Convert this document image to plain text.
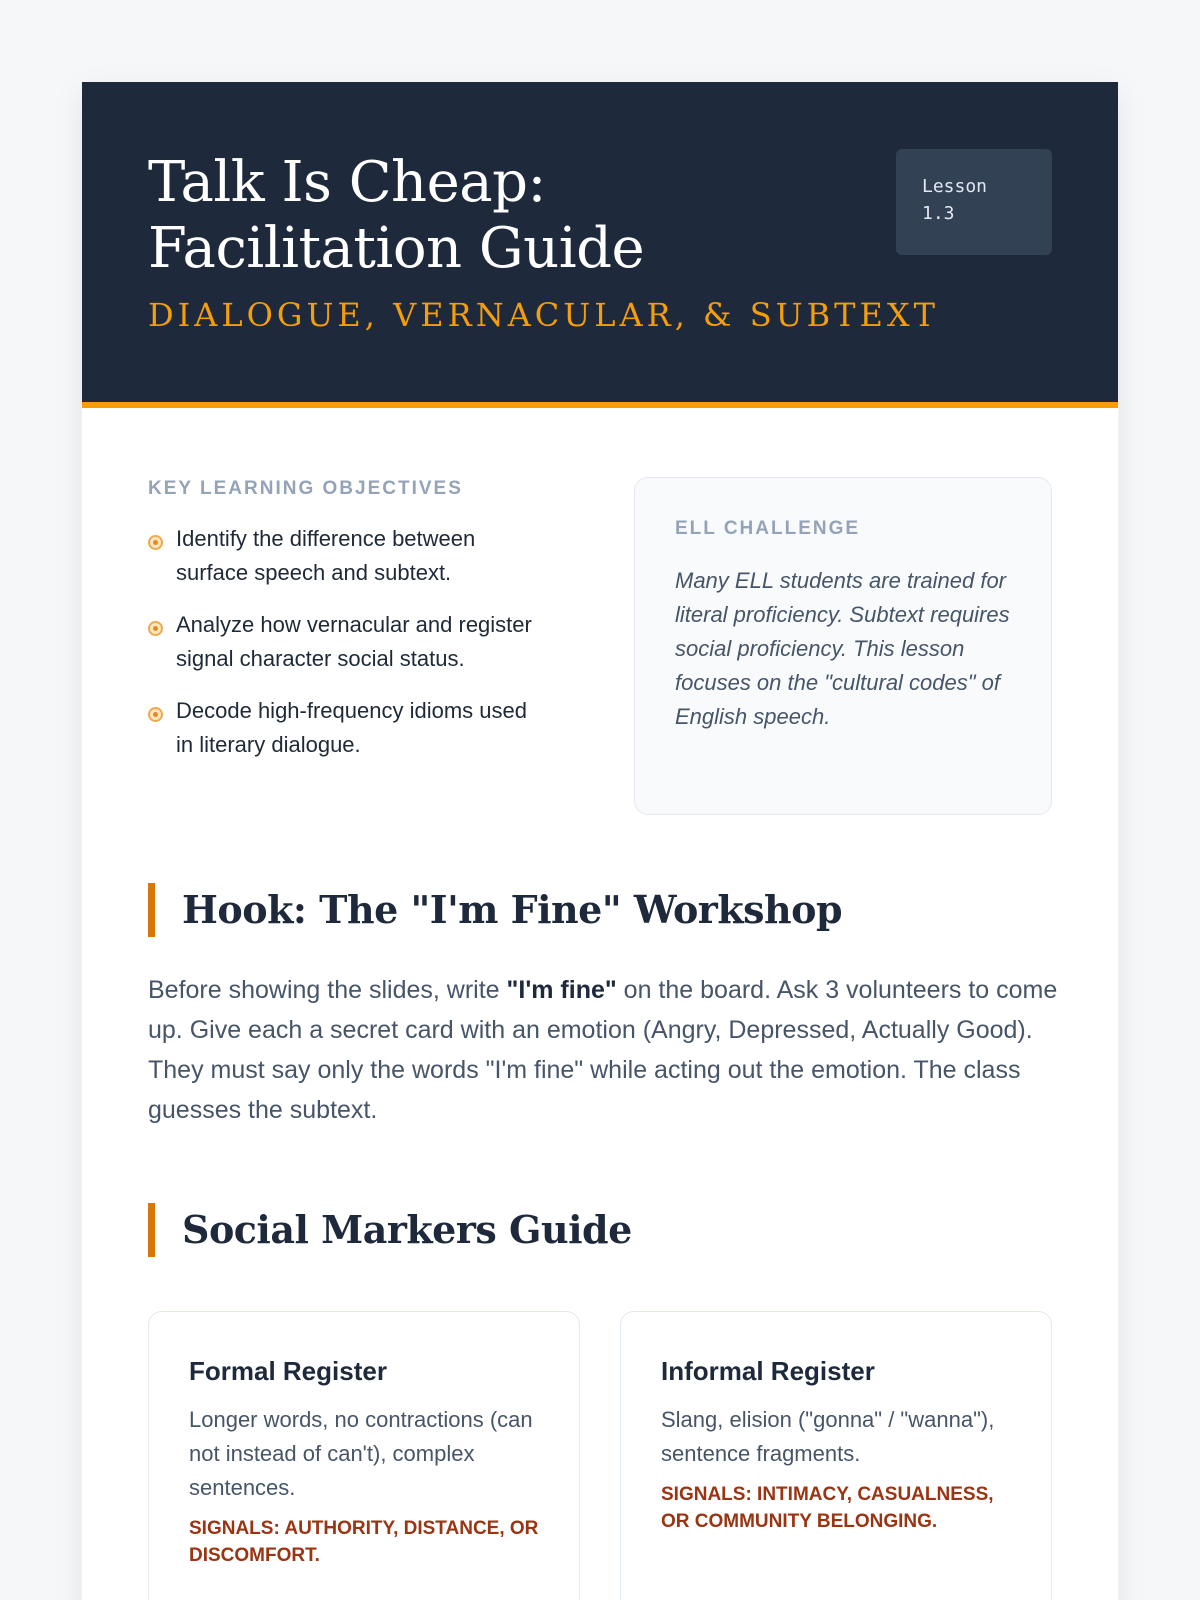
Talk Is Cheap: Facilitation Guide
DIALOGUE, VERNACULAR, & SUBTEXT
Lesson
1.3
KEY LEARNING OBJECTIVES
Identify the difference between surface speech and subtext.
Analyze how vernacular and register signal character social status.
Decode high-frequency idioms used in literary dialogue.
ELL CHALLENGE

Many ELL students are trained for literal proficiency. Subtext requires social proficiency. This lesson focuses on the "cultural codes" of English speech.

Hook: The "I'm Fine" Workshop

Before showing the slides, write "I'm fine" on the board. Ask 3 volunteers to come up. Give each a secret card with an emotion (Angry, Depressed, Actually Good). They must say only the words "I'm fine" while acting out the emotion. The class guesses the subtext.

Social Markers Guide
Formal Register

Longer words, no contractions (can not instead of can't), complex sentences.

SIGNALS: AUTHORITY, DISTANCE, OR DISCOMFORT.
Informal Register

Slang, elision ("gonna" / "wanna"), sentence fragments.

SIGNALS: INTIMACY, CASUALNESS, OR COMMUNITY BELONGING.
